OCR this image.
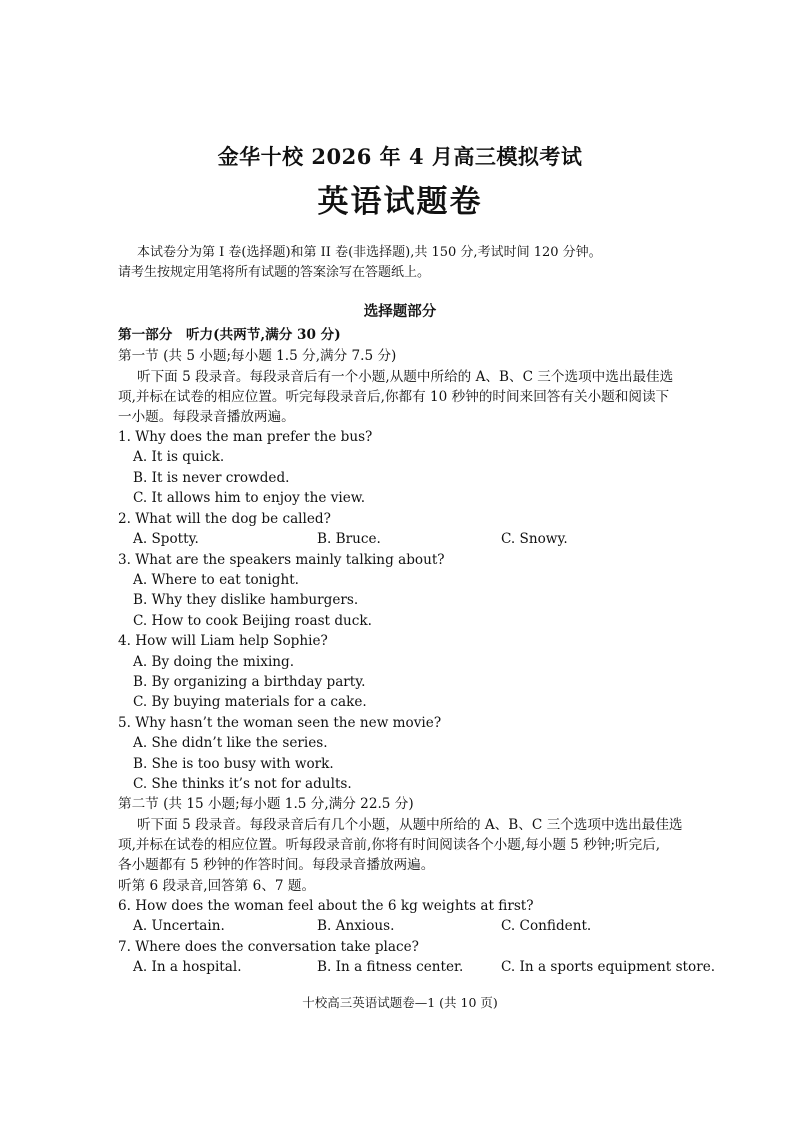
金华十校 2026 年 4 月高三模拟考试
英语试题卷
本试卷分为第 I 卷(选择题)和第 II 卷(非选择题),共 150 分,考试时间 120 分钟。
请考生按规定用笔将所有试题的答案涂写在答题纸上。
选择题部分
第一部分　听力(共两节,满分 30 分)
第一节 (共 5 小题;每小题 1.5 分,满分 7.5 分)
听下面 5 段录音。每段录音后有一个小题,从题中所给的 A、B、C 三个选项中选出最佳选
项,并标在试卷的相应位置。听完每段录音后,你都有 10 秒钟的时间来回答有关小题和阅读下
一小题。每段录音播放两遍。
1. Why does the man prefer the bus?
A. It is quick.
B. It is never crowded.
C. It allows him to enjoy the view.
2. What will the dog be called?
A. Spotty.	B. Bruce.	C. Snowy.
3. What are the speakers mainly talking about?
A. Where to eat tonight.
B. Why they dislike hamburgers.
C. How to cook Beijing roast duck.
4. How will Liam help Sophie?
A. By doing the mixing.
B. By organizing a birthday party.
C. By buying materials for a cake.
5. Why hasn’t the woman seen the new movie?
A. She didn’t like the series.
B. She is too busy with work.
C. She thinks it’s not for adults.
第二节 (共 15 小题;每小题 1.5 分,满分 22.5 分)
听下面 5 段录音。每段录音后有几个小题，从题中所给的 A、B、C 三个选项中选出最佳选
项,并标在试卷的相应位置。听每段录音前,你将有时间阅读各个小题,每小题 5 秒钟;听完后,
各小题都有 5 秒钟的作答时间。每段录音播放两遍。
听第 6 段录音,回答第 6、7 题。
6. How does the woman feel about the 6 kg weights at first?
A. Uncertain.	B. Anxious.	C. Confident.
7. Where does the conversation take place?
A. In a hospital.	B. In a fitness center.	C. In a sports equipment store.
十校高三英语试题卷—1 (共 10 页)
